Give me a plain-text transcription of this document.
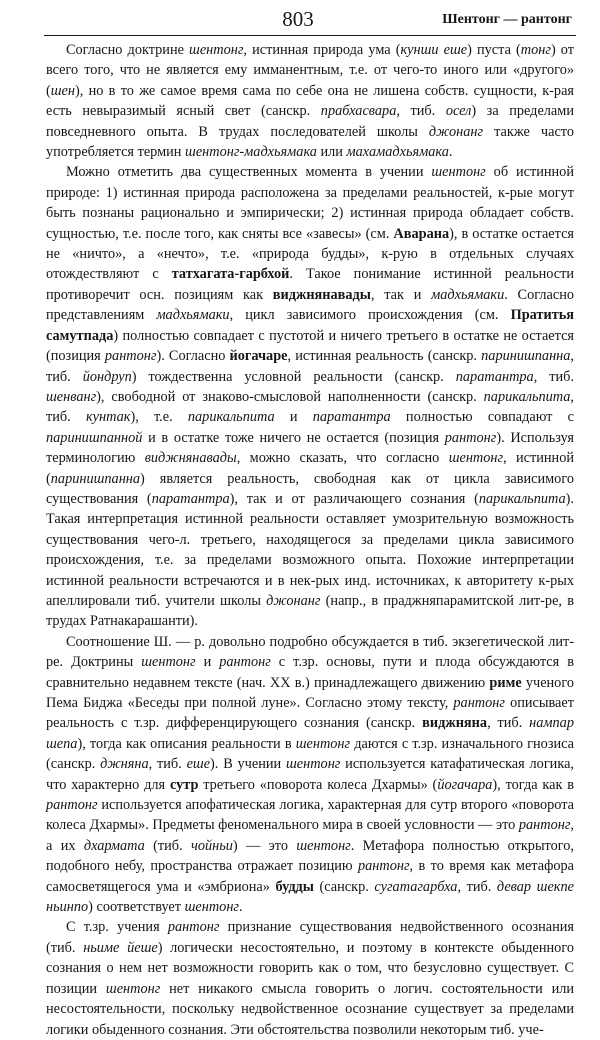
803	Шентонг — рантонг

Согласно доктрине шентонг, истинная природа ума (кунши еше) пуста (тонг) от всего того, что не является ему имманентным, т.е. от чего-то иного или «другого» (шен), но в то же самое время сама по себе она не лишена собств. сущности, к-рая есть невыразимый ясный свет (санскр. прабхасвара, тиб. осел) за пределами повседневного опыта. В трудах последователей школы джонанг также часто употребляется термин шентонг-мадхьямака или махамадхьямака.

Можно отметить два существенных момента в учении шентонг об истинной природе: 1) истинная природа расположена за пределами реальностей, к-рые могут быть познаны рационально и эмпирически; 2) истинная природа обладает собств. сущностью, т.е. после того, как сняты все «завесы» (см. Аварана), в остатке остается не «ничто», а «нечто», т.е. «природа будды», к-рую в отдельных случаях отождествляют с татхагата-гарбхой. Такое понимание истинной реальности противоречит осн. позициям как виджнянавады, так и мадхьямаки. Согласно представлениям мадхьямаки, цикл зависимого происхождения (см. Пратитья самутпада) полностью совпадает с пустотой и ничего третьего в остатке не остается (позиция рантонг). Согласно йогачаре, истинная реальность (санскр. паринишпанна, тиб. йондруп) тождественна условной реальности (санскр. паратантра, тиб. шенванг), свободной от знаково-смысловой наполненности (санскр. парикальпита, тиб. кунтак), т.е. парикальпита и паратантра полностью совпадают с паринишпанной и в остатке тоже ничего не остается (позиция рантонг). Используя терминологию виджнянавады, можно сказать, что согласно шентонг, истинной (паринишпанна) является реальность, свободная как от цикла зависимого существования (паратантра), так и от различающего сознания (парикальпита). Такая интерпретация истинной реальности оставляет умозрительную возможность существования чего-л. третьего, находящегося за пределами цикла зависимого происхождения, т.е. за пределами возможного опыта. Похожие интерпретации истинной реальности встречаются и в нек-рых инд. источниках, к авторитету к-рых апеллировали тиб. учители школы джонанг (напр., в праджняпарамитской лит-ре, в трудах Ратнакарашанти).

Соотношение Ш. — р. довольно подробно обсуждается в тиб. экзегетической лит-ре. Доктрины шентонг и рантонг с т.зр. основы, пути и плода обсуждаются в сравнительно недавнем тексте (нач. XX в.) принадлежащего движению риме ученого Пема Биджа «Беседы при полной луне». Согласно этому тексту, рантонг описывает реальность с т.зр. дифференцирующего сознания (санскр. виджняна, тиб. нампар шепа), тогда как описания реальности в шентонг даются с т.зр. изначального гнозиса (санскр. джняна, тиб. еше). В учении шентонг используется катафатическая логика, что характерно для сутр третьего «поворота колеса Дхармы» (йогачара), тогда как в рантонг используется апофатическая логика, характерная для сутр второго «поворота колеса Дхармы». Предметы феноменального мира в своей условности — это рантонг, а их дхармата (тиб. чойньи) — это шентонг. Метафора полностью открытого, подобного небу, пространства отражает позицию рантонг, в то время как метафора самосветящегося ума и «эмбриона» будды (санскр. сугатагарбха, тиб. девар шекпе ньинпо) соответствует шентонг.

С т.зр. учения рантонг признание существования недвойственного осознания (тиб. ньиме йеше) логически несостоятельно, и поэтому в контексте обыденного сознания о нем нет возможности говорить как о том, что безусловно существует. С позиции шентонг нет никакого смысла говорить о логич. состоятельности или несостоятельности, поскольку недвойственное осознание существует за пределами логики обыденного сознания. Эти обстоятельства позволили некоторым тиб. уче-
